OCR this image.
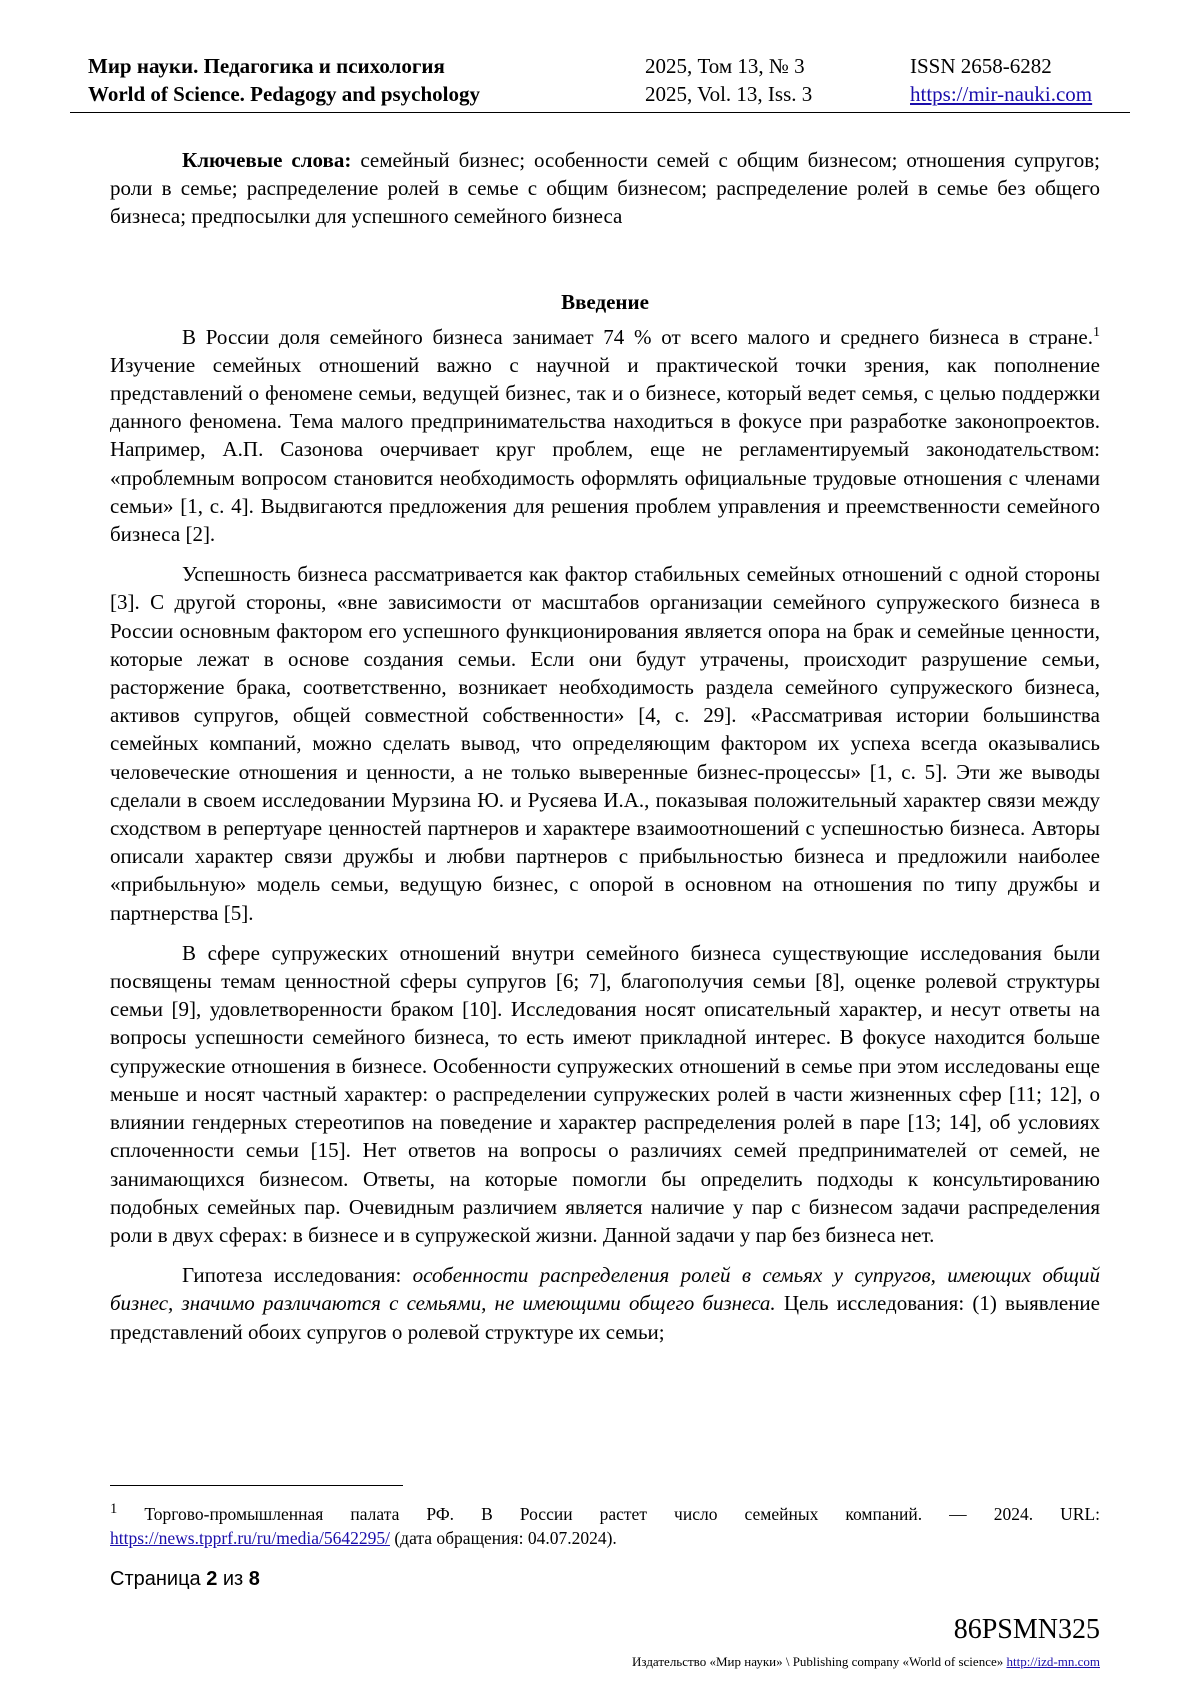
Мир науки. Педагогика и психология	2025, Том 13, № 3	ISSN 2658-6282
World of Science. Pedagogy and psychology	2025, Vol. 13, Iss. 3	https://mir-nauki.com

Ключевые слова: семейный бизнес; особенности семей с общим бизнесом; отношения супругов; роли в семье; распределение ролей в семье с общим бизнесом; распределение ролей в семье без общего бизнеса; предпосылки для успешного семейного бизнеса

Введение

В России доля семейного бизнеса занимает 74 % от всего малого и среднего бизнеса в стране.$^1$ Изучение семейных отношений важно с научной и практической точки зрения, как пополнение представлений о феномене семьи, ведущей бизнес, так и о бизнесе, который ведет семья, с целью поддержки данного феномена. Тема малого предпринимательства находиться в фокусе при разработке законопроектов. Например, А.П. Сазонова очерчивает круг проблем, еще не регламентируемый законодательством: «проблемным вопросом становится необходимость оформлять официальные трудовые отношения с членами семьи» [1, с. 4]. Выдвигаются предложения для решения проблем управления и преемственности семейного бизнеса [2].

Успешность бизнеса рассматривается как фактор стабильных семейных отношений с одной стороны [3]. С другой стороны, «вне зависимости от масштабов организации семейного супружеского бизнеса в России основным фактором его успешного функционирования является опора на брак и семейные ценности, которые лежат в основе создания семьи. Если они будут утрачены, происходит разрушение семьи, расторжение брака, соответственно, возникает необходимость раздела семейного супружеского бизнеса, активов супругов, общей совместной собственности» [4, с. 29]. «Рассматривая истории большинства семейных компаний, можно сделать вывод, что определяющим фактором их успеха всегда оказывались человеческие отношения и ценности, а не только выверенные бизнес-процессы» [1, с. 5]. Эти же выводы сделали в своем исследовании Мурзина Ю. и Русяева И.А., показывая положительный характер связи между сходством в репертуаре ценностей партнеров и характере взаимоотношений с успешностью бизнеса. Авторы описали характер связи дружбы и любви партнеров с прибыльностью бизнеса и предложили наиболее «прибыльную» модель семьи, ведущую бизнес, с опорой в основном на отношения по типу дружбы и партнерства [5].

В сфере супружеских отношений внутри семейного бизнеса существующие исследования были посвящены темам ценностной сферы супругов [6; 7], благополучия семьи [8], оценке ролевой структуры семьи [9], удовлетворенности браком [10]. Исследования носят описательный характер, и несут ответы на вопросы успешности семейного бизнеса, то есть имеют прикладной интерес. В фокусе находится больше супружеские отношения в бизнесе. Особенности супружеских отношений в семье при этом исследованы еще меньше и носят частный характер: о распределении супружеских ролей в части жизненных сфер [11; 12], о влиянии гендерных стереотипов на поведение и характер распределения ролей в паре [13; 14], об условиях сплоченности семьи [15]. Нет ответов на вопросы о различиях семей предпринимателей от семей, не занимающихся бизнесом. Ответы, на которые помогли бы определить подходы к консультированию подобных семейных пар. Очевидным различием является наличие у пар с бизнесом задачи распределения роли в двух сферах: в бизнесе и в супружеской жизни. Данной задачи у пар без бизнеса нет.

Гипотеза исследования: особенности распределения ролей в семьях у супругов, имеющих общий бизнес, значимо различаются с семьями, не имеющими общего бизнеса. Цель исследования: (1) выявление представлений обоих супругов о ролевой структуре их семьи;

$^1$ Торгово-промышленная палата РФ. В России растет число семейных компаний. — 2024. URL: https://news.tpprf.ru/ru/media/5642295/ (дата обращения: 04.07.2024).
Страница 2 из 8
86PSMN325
Издательство «Мир науки» \ Publishing company «World of science» http://izd-mn.com
